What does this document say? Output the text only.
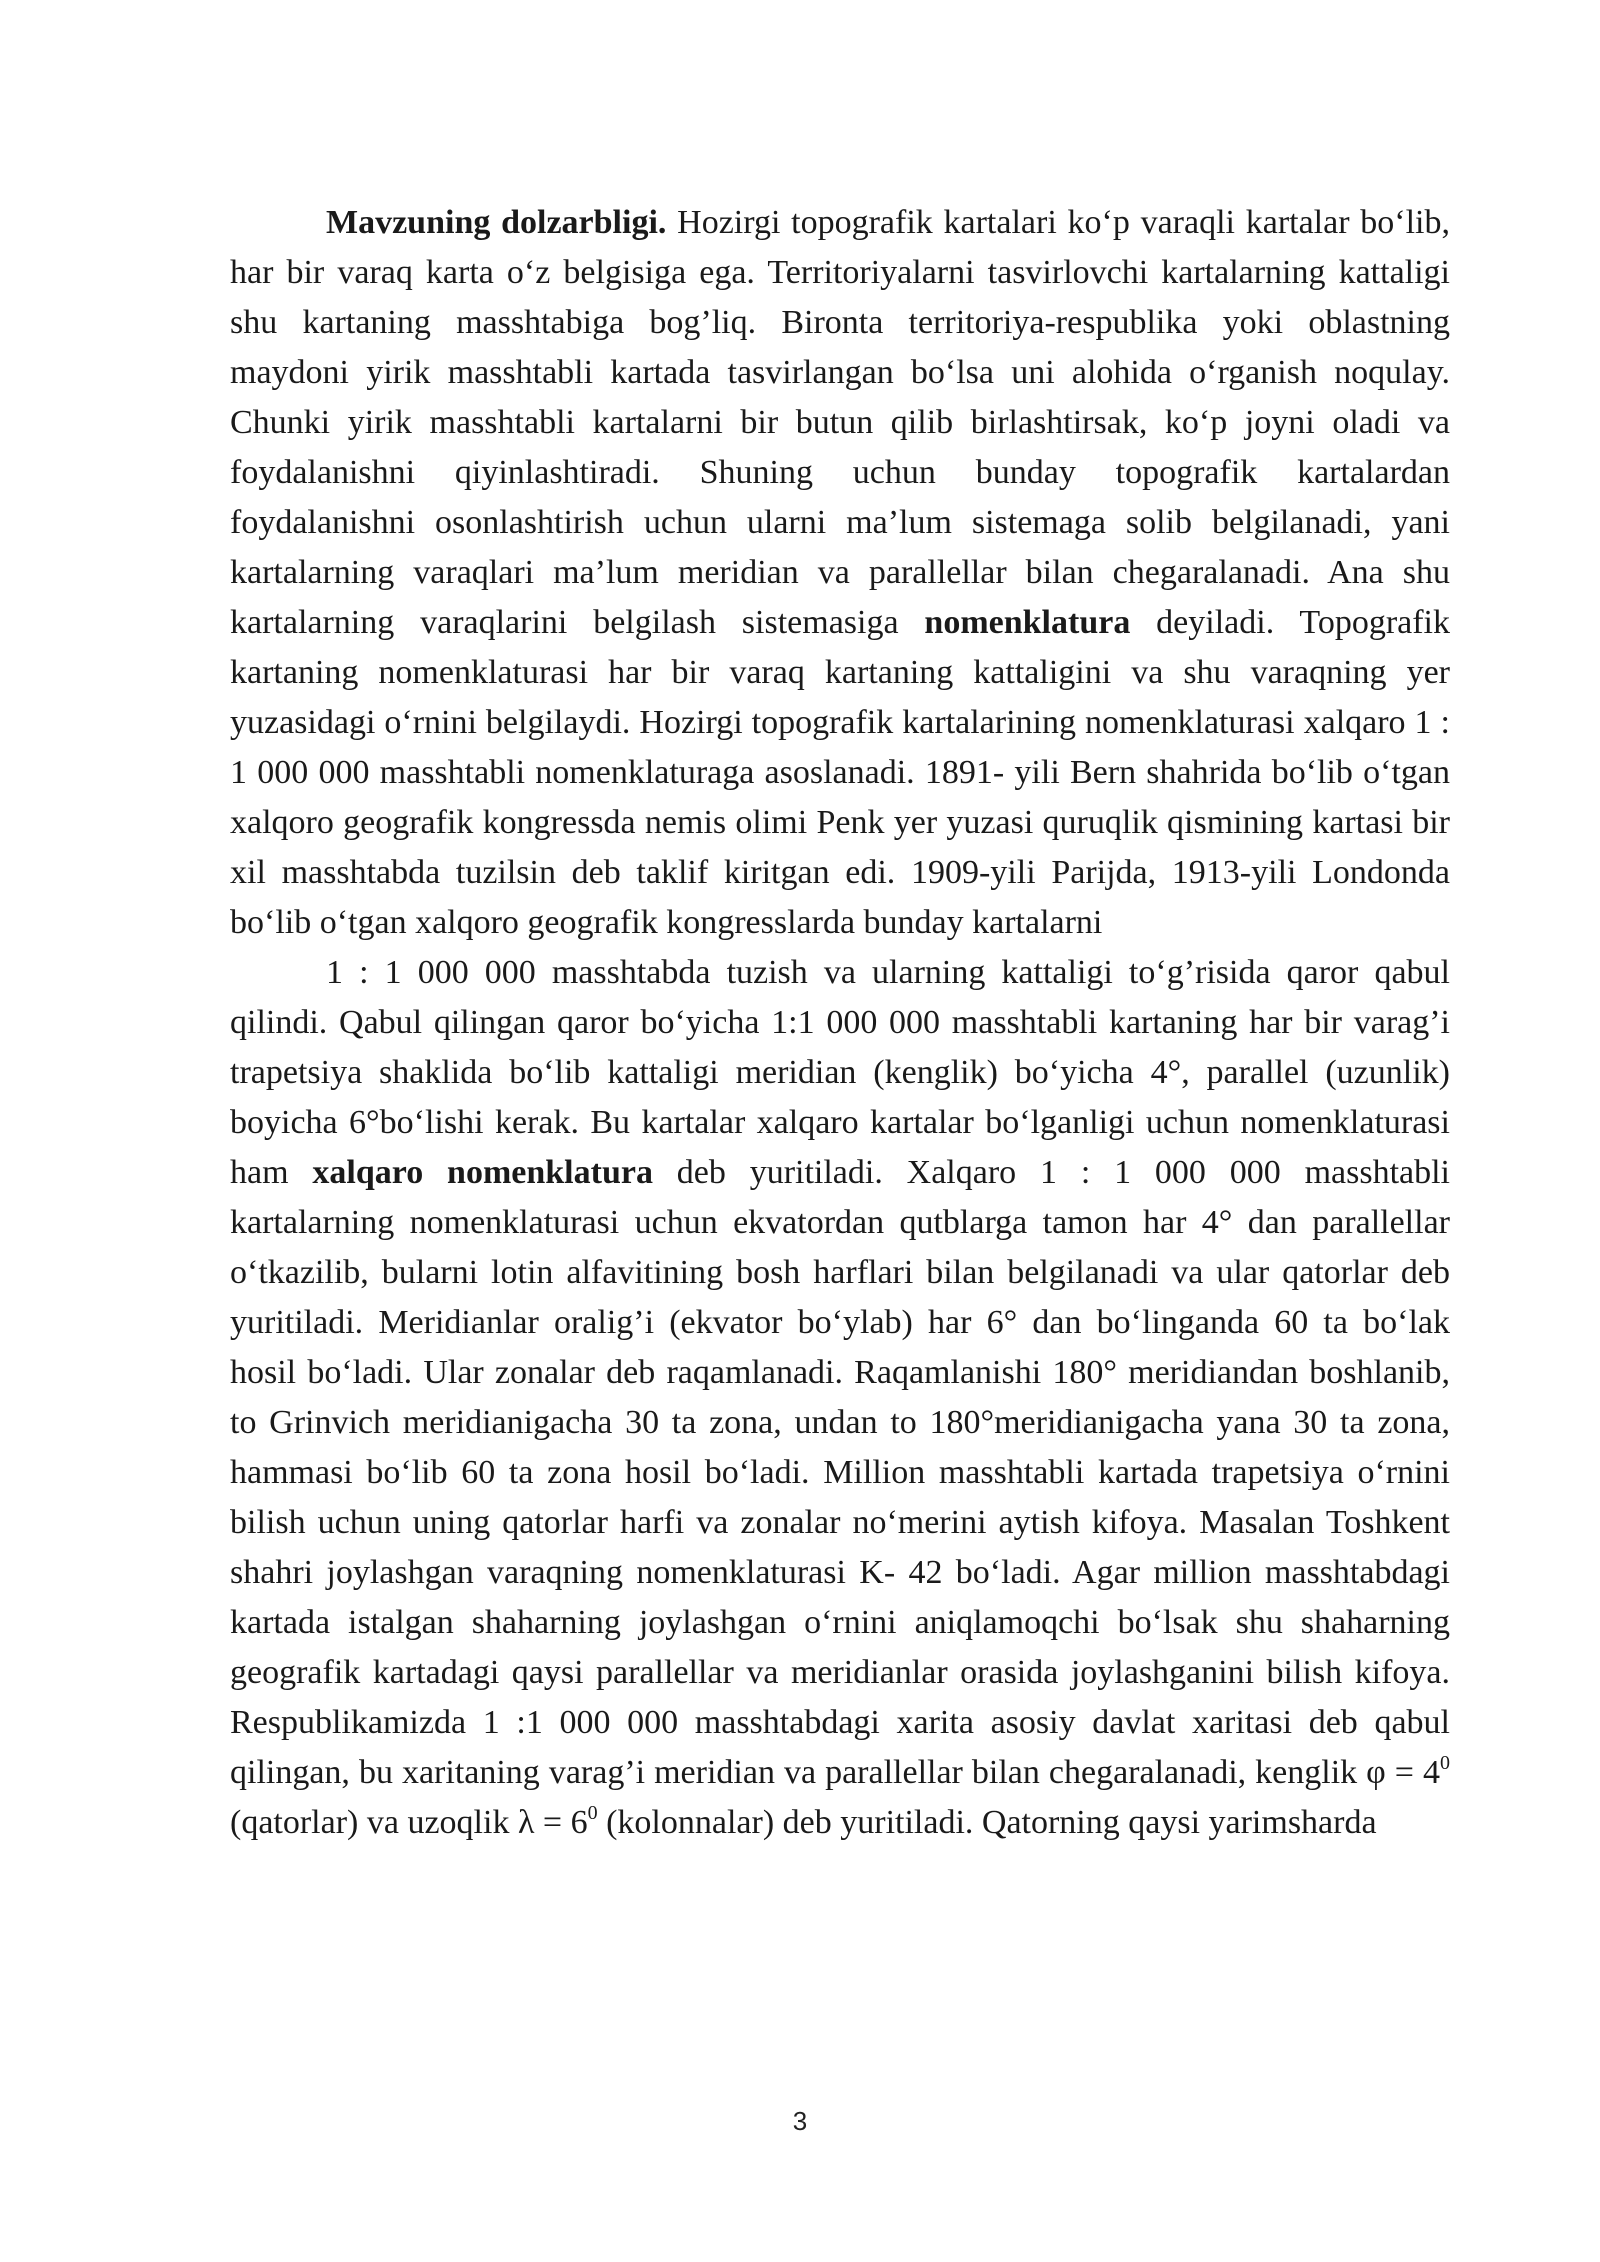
Mavzuning dolzarbligi. Hozirgi topografik kartalari ko‘p varaqli kartalar bo‘lib, har bir varaq karta o‘z belgisiga ega. Territoriyalarni tasvirlovchi kartalarning kattaligi shu kartaning masshtabiga bog’liq. Bironta territoriya-respublika yoki oblastning maydoni yirik masshtabli kartada tasvirlangan bo‘lsa uni alohida o‘rganish noqulay. Chunki yirik masshtabli kartalarni bir butun qilib birlashtirsak, ko‘p joyni oladi va foydalanishni qiyinlashtiradi. Shuning uchun bunday topografik kartalardan foydalanishni osonlashtirish uchun ularni ma’lum sistemaga solib belgilanadi, yani kartalarning varaqlari ma’lum meridian va parallellar bilan chegaralanadi. Ana shu kartalarning varaqlarini belgilash sistemasiga nomenklatura deyiladi. Topografik kartaning nomenklaturasi har bir varaq kartaning kattaligini va shu varaqning yer yuzasidagi o‘rnini belgilaydi. Hozirgi topografik kartalarining nomenklaturasi xalqaro 1 : 1 000 000 masshtabli nomenklaturaga asoslanadi. 1891- yili Bern shahrida bo‘lib o‘tgan xalqoro geografik kongressda nemis olimi Penk yer yuzasi quruqlik qismining kartasi bir xil masshtabda tuzilsin deb taklif kiritgan edi. 1909-yili Parijda, 1913-yili Londonda bo‘lib o‘tgan xalqoro geografik kongresslarda bunday kartalarni

1 : 1 000 000 masshtabda tuzish va ularning kattaligi to‘g’risida qaror qabul qilindi. Qabul qilingan qaror bo‘yicha 1:1 000 000 masshtabli kartaning har bir varag’i trapetsiya shaklida bo‘lib kattaligi meridian (kenglik) bo‘yicha 4°, parallel (uzunlik) boyicha 6°bo‘lishi kerak. Bu kartalar xalqaro kartalar bo‘lganligi uchun nomenklaturasi ham xalqaro nomenklatura deb yuritiladi. Xalqaro 1 : 1 000 000 masshtabli kartalarning nomenklaturasi uchun ekvatordan qutblarga tamon har 4° dan parallellar o‘tkazilib, bularni lotin alfavitining bosh harflari bilan belgilanadi va ular qatorlar deb yuritiladi. Meridianlar oralig’i (ekvator bo‘ylab) har 6° dan bo‘linganda 60 ta bo‘lak hosil bo‘ladi. Ular zonalar deb raqamlanadi. Raqamlanishi 180° meridiandan boshlanib, to Grinvich meridianigacha 30 ta zona, undan to 180°meridianigacha yana 30 ta zona, hammasi bo‘lib 60 ta zona hosil bo‘ladi. Million masshtabli kartada trapetsiya o‘rnini bilish uchun uning qatorlar harfi va zonalar no‘merini aytish kifoya. Masalan Toshkent shahri joylashgan varaqning nomenklaturasi K- 42 bo‘ladi. Agar million masshtabdagi kartada istalgan shaharning joylashgan o‘rnini aniqlamoqchi bo‘lsak shu shaharning geografik kartadagi qaysi parallellar va meridianlar orasida joylashganini bilish kifoya. Respublikamizda 1 :1 000 000 masshtabdagi xarita asosiy davlat xaritasi deb qabul qilingan, bu xaritaning varag’i meridian va parallellar bilan chegaralanadi, kenglik $\varphi = 4^0$ (qatorlar) va uzoqlik $\lambda = 6^0$ (kolonnalar) deb yuritiladi. Qatorning qaysi yarimsharda

3
